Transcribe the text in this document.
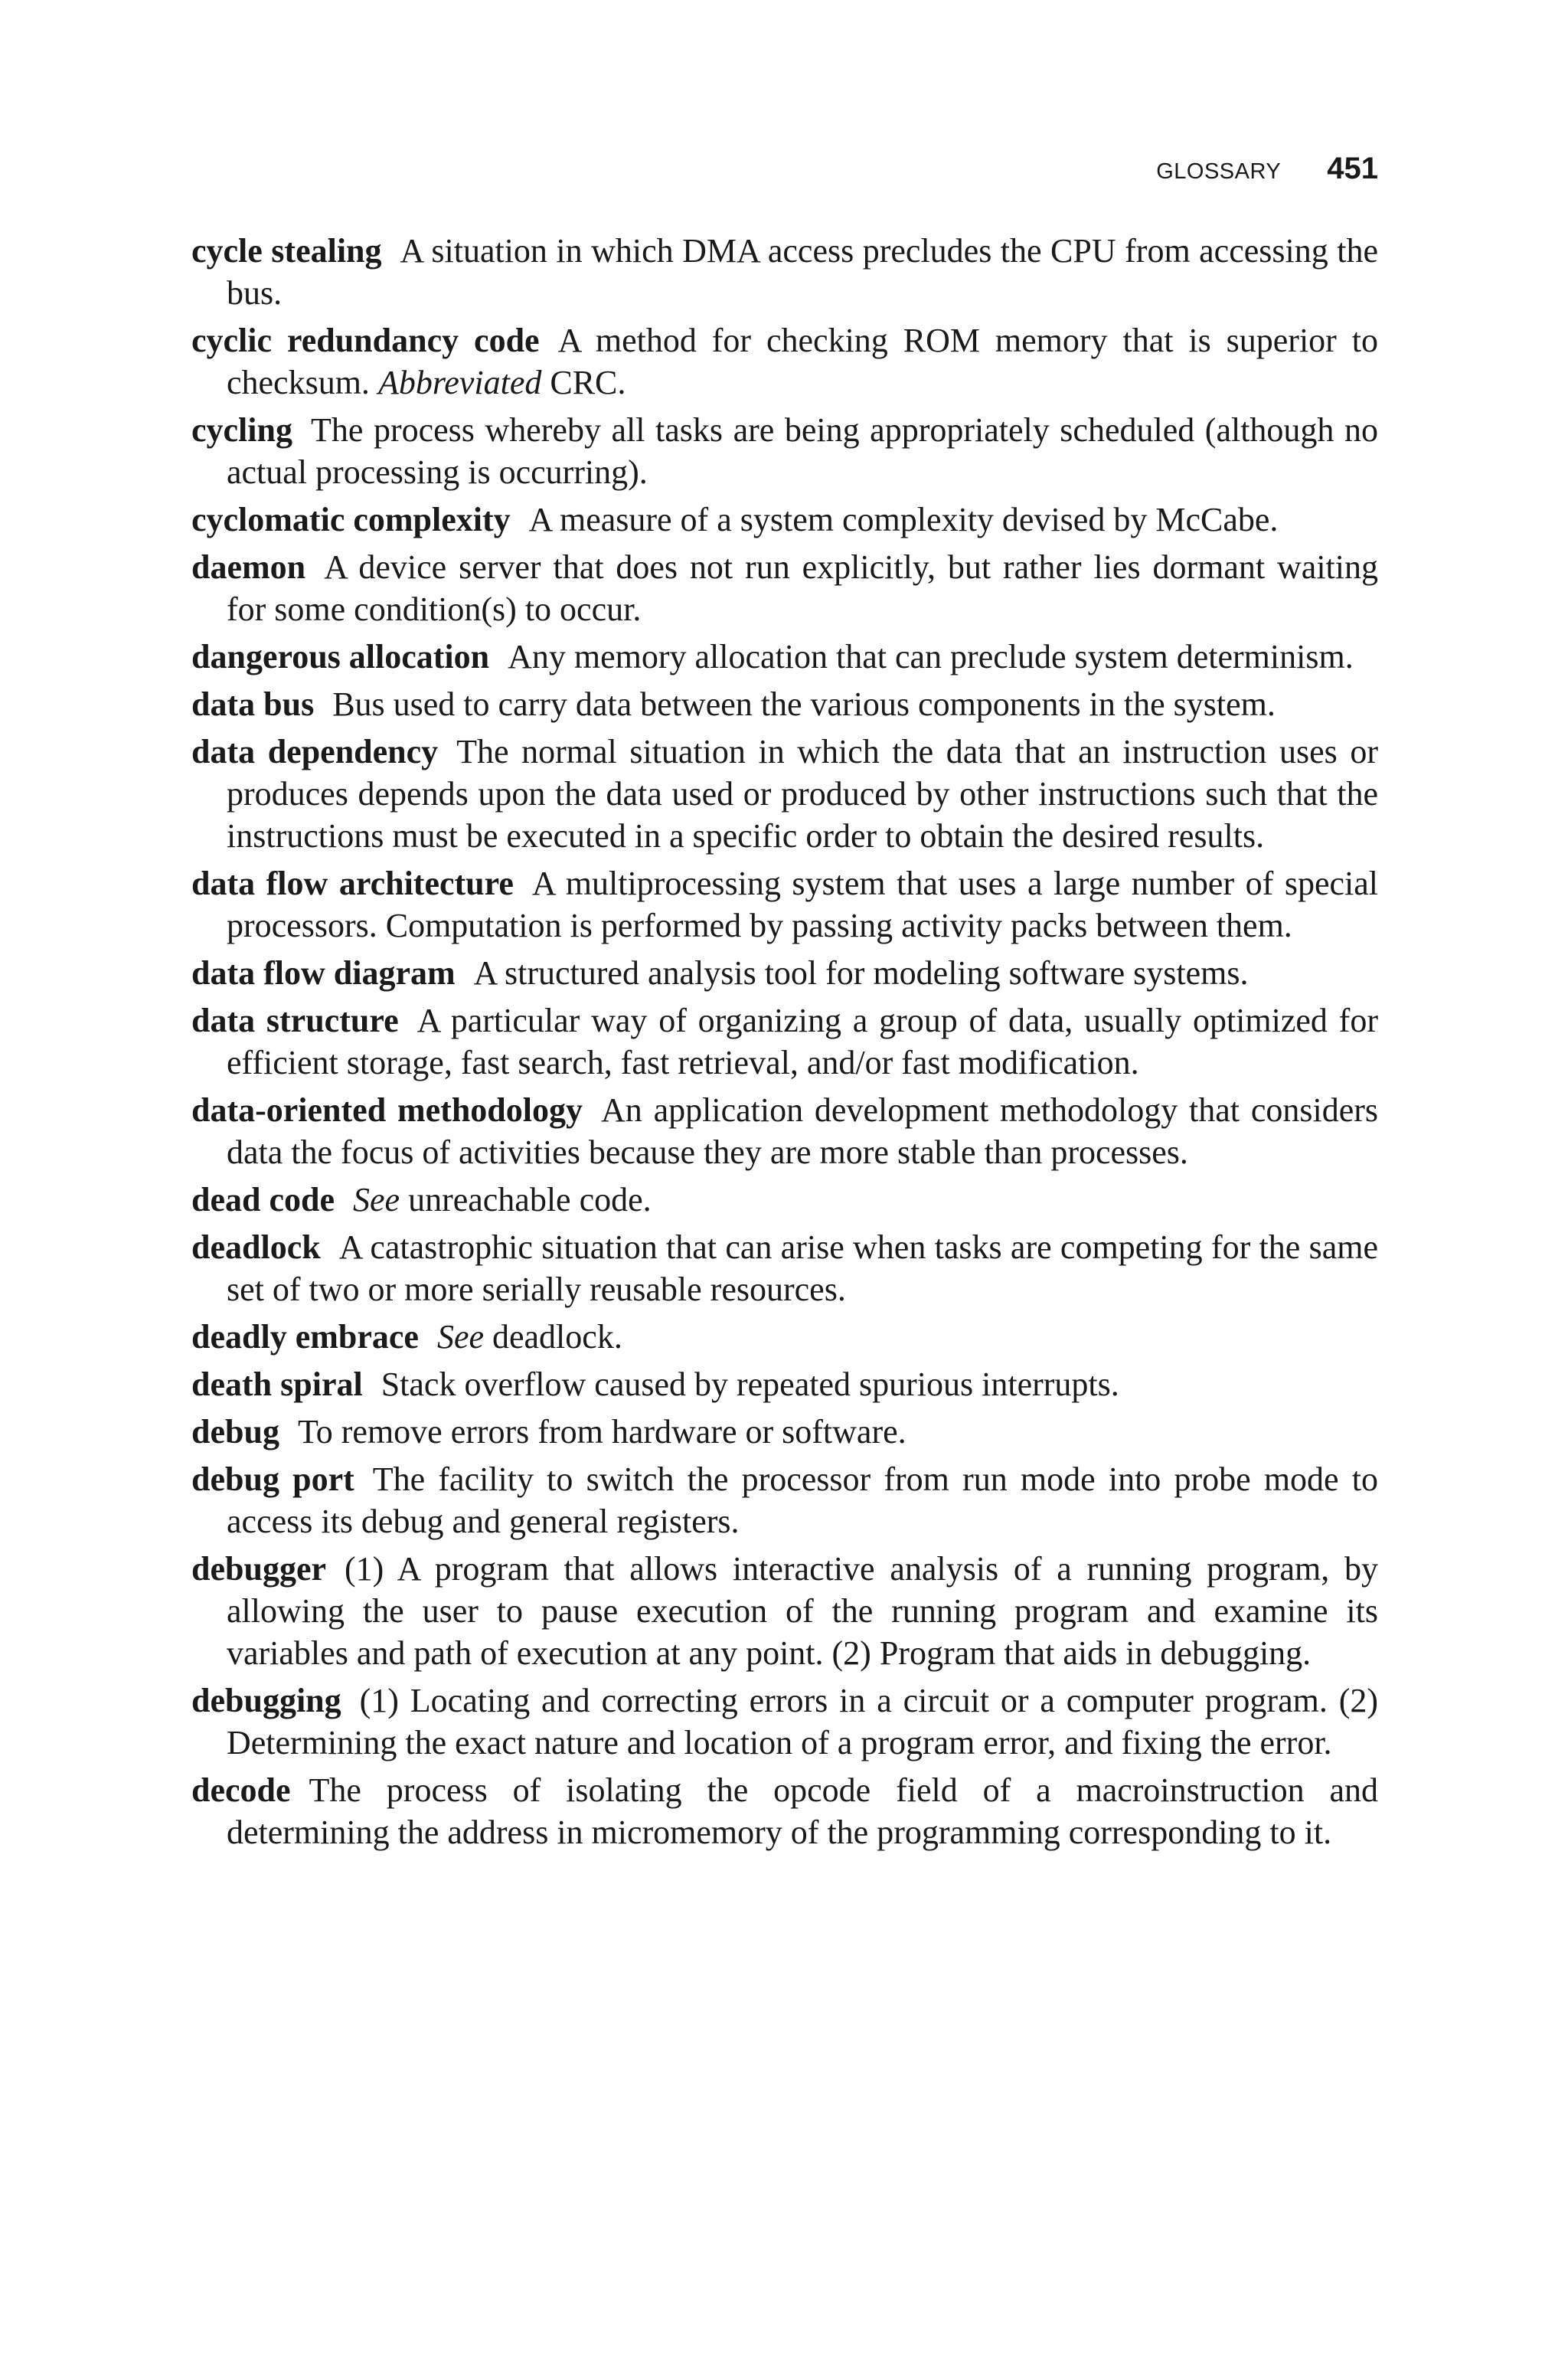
GLOSSARY 451

cycle stealing A situation in which DMA access precludes the CPU from accessing the bus.

cyclic redundancy code A method for checking ROM memory that is superior to checksum. Abbreviated CRC.

cycling The process whereby all tasks are being appropriately scheduled (although no actual processing is occurring).

cyclomatic complexity A measure of a system complexity devised by McCabe.

daemon A device server that does not run explicitly, but rather lies dormant waiting for some condition(s) to occur.

dangerous allocation Any memory allocation that can preclude system determinism.

data bus Bus used to carry data between the various components in the system.

data dependency The normal situation in which the data that an instruction uses or produces depends upon the data used or produced by other instructions such that the instructions must be executed in a specific order to obtain the desired results.

data flow architecture A multiprocessing system that uses a large number of special processors. Computation is performed by passing activity packs between them.

data flow diagram A structured analysis tool for modeling software systems.

data structure A particular way of organizing a group of data, usually optimized for efficient storage, fast search, fast retrieval, and/or fast modification.

data-oriented methodology An application development methodology that considers data the focus of activities because they are more stable than processes.

dead code See unreachable code.

deadlock A catastrophic situation that can arise when tasks are competing for the same set of two or more serially reusable resources.

deadly embrace See deadlock.

death spiral Stack overflow caused by repeated spurious interrupts.

debug To remove errors from hardware or software.

debug port The facility to switch the processor from run mode into probe mode to access its debug and general registers.

debugger (1) A program that allows interactive analysis of a running program, by allowing the user to pause execution of the running program and examine its variables and path of execution at any point. (2) Program that aids in debugging.

debugging (1) Locating and correcting errors in a circuit or a computer program. (2) Determining the exact nature and location of a program error, and fixing the error.

decode The process of isolating the opcode field of a macroinstruction and determining the address in micromemory of the programming corresponding to it.
